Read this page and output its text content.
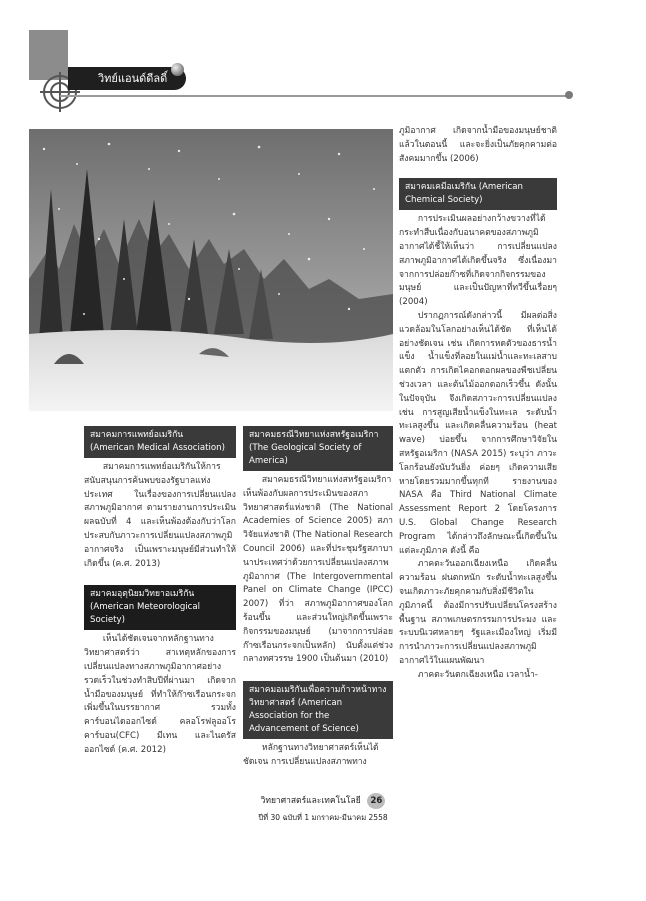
วิทย์แอนด์ดีลดิ์

ภูมิอากาศ เกิดจากน้ำมือของมนุษย์ชาติแล้วในตอนนี้ และจะยิ่งเป็นภัยคุกคามต่อสังคมมากขึ้น (2006)

สมาคมเคมีอเมริกัน (American Chemical Society)

การประเมินผลอย่างกว้างขวางที่ได้กระทำสืบเนื่องกับอนาคตของสภาพภูมิอากาศได้ชี้ให้เห็นว่า การเปลี่ยนแปลงสภาพภูมิอากาศได้เกิดขึ้นจริง ซึ่งเนื่องมาจากการปล่อยก๊าซที่เกิดจากกิจกรรมของมนุษย์ และเป็นปัญหาที่ทวีขึ้นเรื่อยๆ (2004)

ปรากฏการณ์ดังกล่าวนี้ มีผลต่อสิ่งแวดล้อมในโลกอย่างเห็นได้ชัด ที่เห็นได้อย่างชัดเจน เช่น เกิดการหดตัวของธารน้ำแข็ง น้ำแข็งที่ลอยในแม่น้ำและทะเลสาบแตกตัว การเกิดไคอกดอกผลของพืชเปลี่ยนช่วงเวลา และต้นไม้ออกดอกเร็วขึ้น ดังนั้น ในปัจจุบัน จึงเกิดสภาวะการเปลี่ยนแปลง เช่น การสูญเสียน้ำแข็งในทะเล ระดับน้ำทะเลสูงขึ้น และเกิดคลื่นความร้อน (heat wave) บ่อยขึ้น จากการศึกษาวิจัยในสหรัฐอเมริกา (NASA 2015) ระบุว่า ภาวะโลกร้อนยังนับวันยิ่ง ค่อยๆ เกิดความเสียหายโดยรวมมากขึ้นทุกที รายงานของ NASA คือ Third National Climate Assessment Report 2 โดยโครงการ U.S. Global Change Research Program ได้กล่าวถึงลักษณะนี้เกิดขึ้นในแต่ละภูมิภาค ดังนี้ คือ

ภาคตะวันออกเฉียงเหนือ เกิดคลื่นความร้อน ฝนตกหนัก ระดับน้ำทะเลสูงขึ้น จนเกิดภาวะภัยคุกคามกับสิ่งมีชีวิตในภูมิภาคนี้ ต้องมีการปรับเปลี่ยนโครงสร้างพื้นฐาน สภาพเกษตรกรรมการประมง และระบบนิเวศหลายๆ รัฐและเมืองใหญ่ เริ่มมีการนำภาวะการเปลี่ยนแปลงสภาพภูมิอากาศไว้ในแผนพัฒนา

ภาคตะวันตกเฉียงเหนือ เวลาน้ำ-

สมาคมการแพทย์อเมริกัน (American Medical Association)

สมาคมการแพทย์อเมริกันให้การสนับสนุนการค้นพบของรัฐบาลแห่งประเทศ ในเรื่องของการเปลี่ยนแปลงสภาพภูมิอากาศ ตามรายงานการประเมินผลฉบับที่ 4 และเห็นพ้องต้องกับว่าโลกประสบกับภาวะการเปลี่ยนแปลงสภาพภูมิอากาศจริง เป็นเพราะมนุษย์มีส่วนทำให้เกิดขึ้น (ค.ศ. 2013)

สมาคมอุตุนิยมวิทยาอเมริกัน (American Meteorological Society)

เห็นได้ชัดเจนจากหลักฐานทางวิทยาศาสตร์ว่า สาเหตุหลักของการเปลี่ยนแปลงทางสภาพภูมิอากาศอย่างรวดเร็วในช่วงทำสิบปีที่ผ่านมา เกิดจากน้ำมือของมนุษย์ ที่ทำให้ก๊าซเรือนกระจกเพิ่มขึ้นในบรรยากาศ รวมทั้งคาร์บอนไดออกไซด์ คลอโรฟลูออโรคาร์บอน(CFC) มีเทน และไนตรัสออกไซด์ (ค.ศ. 2012)

สมาคมธรณีวิทยาแห่งสหรัฐอเมริกา (The Geological Society of America)

สมาคมธรณีวิทยาแห่งสหรัฐอเมริกา เห็นพ้องกับผลการประเมินของสภาวิทยาศาสตร์แห่งชาติ (The National Academies of Science 2005) สภาวิจัยแห่งชาติ (The National Research Council 2006) และที่ประชุมรัฐสภาบานาประเทศว่าด้วยการเปลี่ยนแปลงสภาพภูมิอากาศ (The Intergovernmental Panel on Climate Change (IPCC) 2007) ที่ว่า สภาพภูมิอากาศของโลกร้อนขึ้น และส่วนใหญ่เกิดขึ้นเพราะกิจกรรมของมนุษย์ (มาจากการปล่อยก๊าซเรือนกระจกเป็นหลัก) นับตั้งแต่ช่วงกลางทศวรรษ 1900 เป็นต้นมา (2010)

สมาคมอเมริกันเพื่อความก้าวหน้าทางวิทยาศาสตร์ (American Association for the Advancement of Science)

หลักฐานทางวิทยาศาสตร์เห็นได้ชัดเจน การเปลี่ยนแปลงสภาพทาง

วิทยาศาสตร์และเทคโนโลยี 26
ปีที่ 30 ฉบับที่ 1 มกราคม-มีนาคม 2558
